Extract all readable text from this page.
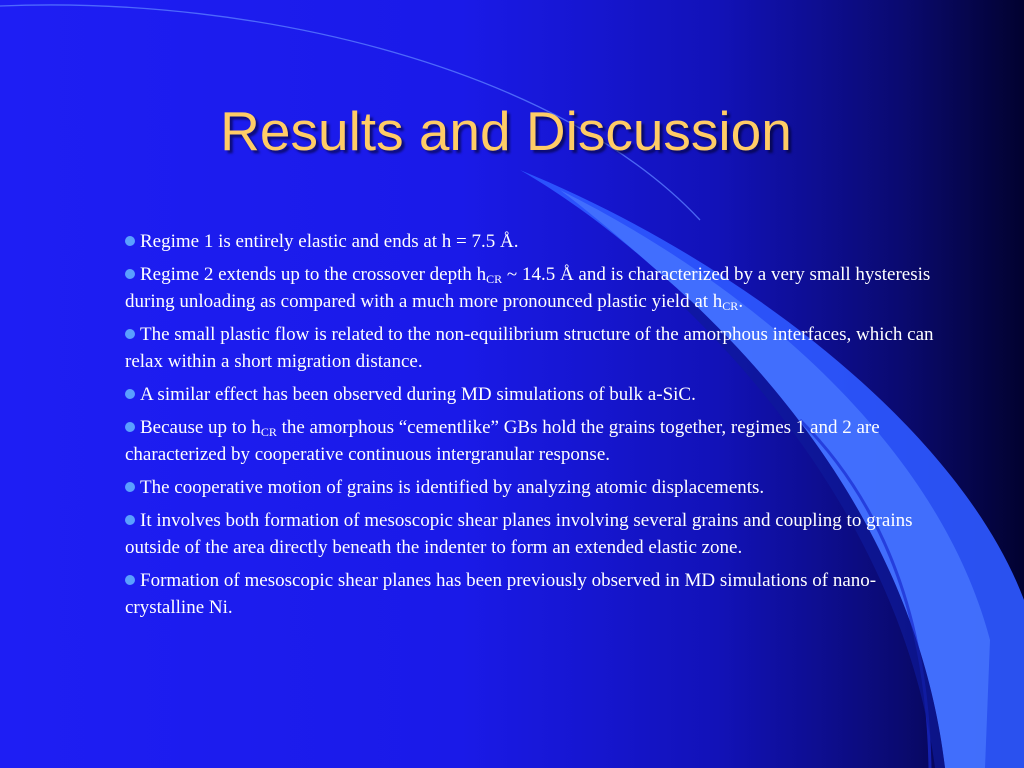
Results and Discussion
Regime 1 is entirely elastic and ends at h = 7.5 Å.
Regime 2 extends up to the crossover depth $h_{CR}$ ~ 14.5 Å and is characterized by a very small hysteresis during unloading as compared with a much more pronounced plastic yield at $h_{CR}$.
The small plastic flow is related to the non-equilibrium structure of the amorphous interfaces, which can relax within a short migration distance.
A similar effect has been observed during MD simulations of bulk a-SiC.
Because up to $h_{CR}$ the amorphous “cementlike” GBs hold the grains together, regimes 1 and 2 are characterized by cooperative continuous intergranular response.
The cooperative motion of grains is identified by analyzing atomic displacements.
It involves both formation of mesoscopic shear planes involving several grains and coupling to grains outside of the area directly beneath the indenter to form an extended elastic zone.
Formation of mesoscopic shear planes has been previously observed in MD simulations of nano-crystalline Ni.
